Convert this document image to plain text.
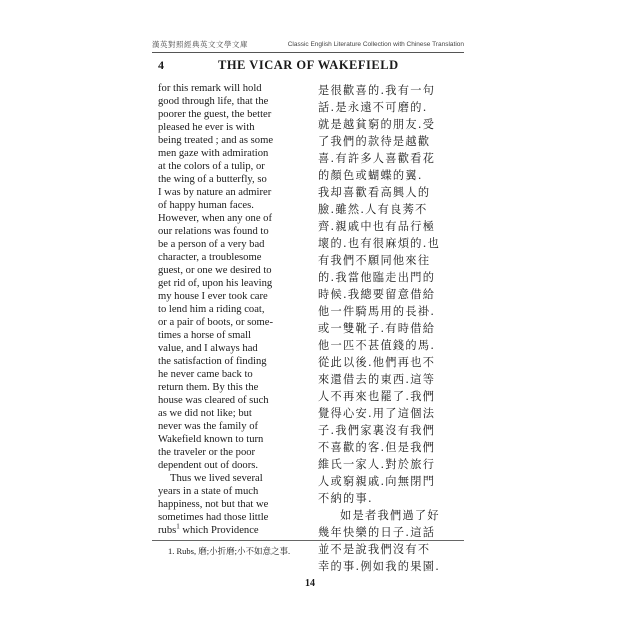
漢英對照經典英文文學文庫	Classic English Literature Collection with Chinese Translation
4	THE VICAR OF WAKEFIELD
for this remark will hold
good through life, that the
poorer the guest, the better
pleased he ever is with
being treated ; and as some
men gaze with admiration
at the colors of a tulip, or
the wing of a butterfly, so
I was by nature an admirer
of happy human faces.
However, when any one of
our relations was found to
be a person of a very bad
character, a troublesome
guest, or one we desired to
get rid of, upon his leaving
my house I ever took care
to lend him a riding coat,
or a pair of boots, or some-
times a horse of small
value, and I always had
the satisfaction of finding
he never came back to
return them. By this the
house was cleared of such
as we did not like; but
never was the family of
Wakefield known to turn
the traveler or the poor
dependent out of doors.
Thus we lived several
years in a state of much
happiness, not but that we
sometimes had those little
rubs$^1$ which Providence
是很歡喜的.我有一句
話.是永遠不可磨的.
就是越貧窮的朋友.受
了我們的款待是越歡
喜.有許多人喜歡看花
的顏色或蝴蝶的翼.
我却喜歡看高興人的
臉.雖然.人有良莠不
齊.親戚中也有品行極
壞的.也有很麻煩的.也
有我們不願同他來往
的.我當他臨走出門的
時候.我總要留意借給
他一件騎馬用的長褂.
或一雙靴子.有時借給
他一匹不甚值錢的馬.
從此以後.他們再也不
來還借去的東西.這等
人不再來也罷了.我們
覺得心安.用了這個法
子.我們家裏沒有我們
不喜歡的客.但是我們
維氏一家人.對於旅行
人或窮親戚.向無閉門
不納的事.
如是者我們過了好
幾年快樂的日子.這話
並不是說我們沒有不
幸的事.例如我的果園.
1. Rubs, 磨;小折磨;小不如意之事.
14
